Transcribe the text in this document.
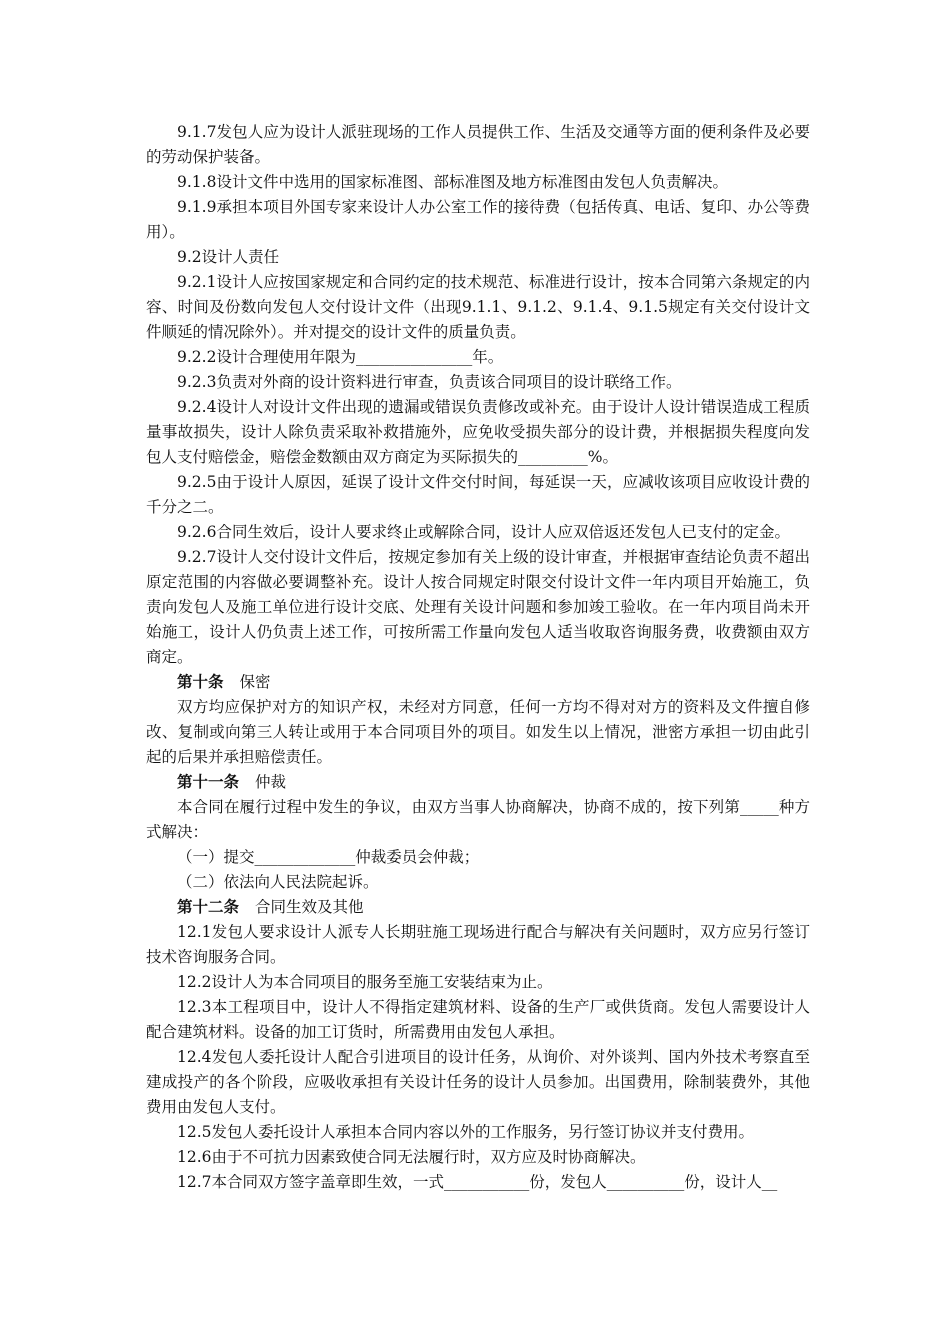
9.1.7发包人应为设计人派驻现场的工作人员提供工作、生活及交通等方面的便利条件及必要的劳动保护装备。

9.1.8设计文件中选用的国家标准图、部标准图及地方标准图由发包人负责解决。

9.1.9承担本项目外国专家来设计人办公室工作的接待费（包括传真、电话、复印、办公等费用）。

9.2设计人责任

9.2.1设计人应按国家规定和合同约定的技术规范、标准进行设计，按本合同第六条规定的内容、时间及份数向发包人交付设计文件（出现9.1.1、9.1.2、9.1.4、9.1.5规定有关交付设计文件顺延的情况除外）。并对提交的设计文件的质量负责。

9.2.2设计合理使用年限为_______________年。

9.2.3负责对外商的设计资料进行审查，负责该合同项目的设计联络工作。

9.2.4设计人对设计文件出现的遗漏或错误负责修改或补充。由于设计人设计错误造成工程质量事故损失，设计人除负责采取补救措施外，应免收受损失部分的设计费，并根据损失程度向发包人支付赔偿金，赔偿金数额由双方商定为买际损失的_________%。

9.2.5由于设计人原因，延误了设计文件交付时间，每延误一天，应减收该项目应收设计费的千分之二。

9.2.6合同生效后，设计人要求终止或解除合同，设计人应双倍返还发包人已支付的定金。

9.2.7设计人交付设计文件后，按规定参加有关上级的设计审查，并根据审查结论负责不超出原定范围的内容做必要调整补充。设计人按合同规定时限交付设计文件一年内项目开始施工，负责向发包人及施工单位进行设计交底、处理有关设计问题和参加竣工验收。在一年内项目尚未开始施工，设计人仍负责上述工作，可按所需工作量向发包人适当收取咨询服务费，收费额由双方商定。

第十条 保密

双方均应保护对方的知识产权，未经对方同意，任何一方均不得对对方的资料及文件擅自修改、复制或向第三人转让或用于本合同项目外的项目。如发生以上情况，泄密方承担一切由此引起的后果并承担赔偿责任。

第十一条 仲裁

本合同在履行过程中发生的争议，由双方当事人协商解决，协商不成的，按下列第_____种方式解决：

（一）提交_____________仲裁委员会仲裁；

（二）依法向人民法院起诉。

第十二条 合同生效及其他

12.1发包人要求设计人派专人长期驻施工现场进行配合与解决有关问题时，双方应另行签订技术咨询服务合同。

12.2设计人为本合同项目的服务至施工安装结束为止。

12.3本工程项目中，设计人不得指定建筑材料、设备的生产厂或供货商。发包人需要设计人配合建筑材料。设备的加工订货时，所需费用由发包人承担。

12.4发包人委托设计人配合引进项目的设计任务，从询价、对外谈判、国内外技术考察直至建成投产的各个阶段，应吸收承担有关设计任务的设计人员参加。出国费用，除制装费外，其他费用由发包人支付。

12.5发包人委托设计人承担本合同内容以外的工作服务，另行签订协议并支付费用。

12.6由于不可抗力因素致使合同无法履行时，双方应及时协商解决。

12.7本合同双方签字盖章即生效，一式___________份，发包人__________份，设计人__
